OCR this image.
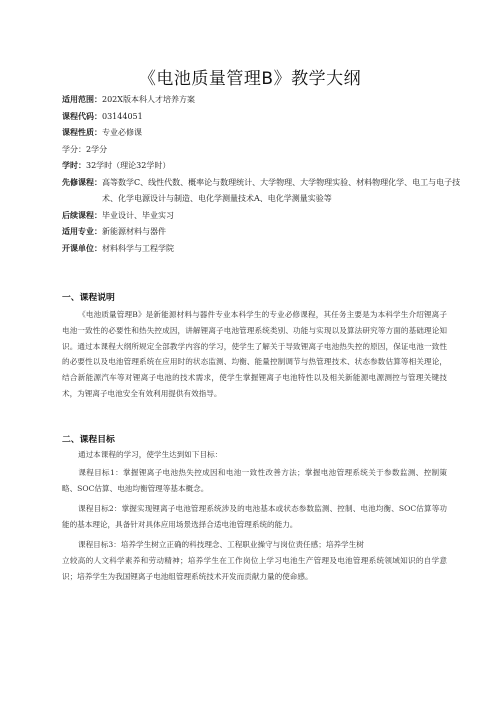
《电池质量管理B》教学大纲
适用范围： 202X版本科人才培养方案
课程代码： 03144051
课程性质： 专业必修课
学分： 2学分
学时： 32学时（理论32学时）
先修课程： 高等数学C、线性代数、概率论与数理统计、大学物理、大学物理实验、材料物理化学、电工与电子技术、化学电源设计与制造、电化学测量技术A、电化学测量实验等
后续课程： 毕业设计、毕业实习
适用专业： 新能源材料与器件
开课单位： 材料科学与工程学院
一、课程说明
《电池质量管理B》是新能源材料与器件专业本科学生的专业必修课程，其任务主要是为本科学生介绍锂离子电池一致性的必要性和热失控成因，讲解锂离子电池管理系统类别、功能与实现以及算法研究等方面的基础理论知识。通过本课程大纲所规定全部教学内容的学习，使学生了解关于导致锂离子电池热失控的原因，保证电池一致性的必要性以及电池管理系统在应用时的状态监测、均衡、能量控制调节与热管理技术、状态参数估算等相关理论，结合新能源汽车等对锂离子电池的技术需求，使学生掌握锂离子电池特性以及相关新能源电源测控与管理关键技术，为锂离子电池安全有效利用提供有效指导。
二、课程目标
通过本课程的学习，使学生达到如下目标：
课程目标1：掌握锂离子电池热失控成因和电池一致性改善方法；掌握电池管理系统关于参数监测、控制策略、SOC估算、电池均衡管理等基本概念。
课程目标2：掌握实现锂离子电池管理系统涉及的电池基本或状态参数监测、控制、电池均衡、SOC估算等功能的基本理论，具备针对具体应用场景选择合适电池管理系统的能力。
课程目标3：培养学生树立正确的科技理念、工程职业操守与岗位责任感；培养学生树
立较高的人文科学素养和劳动精神；培养学生在工作岗位上学习电池生产管理及电池管理系统领域知识的自学意识；培养学生为我国锂离子电池组管理系统技术开发而贡献力量的使命感。
